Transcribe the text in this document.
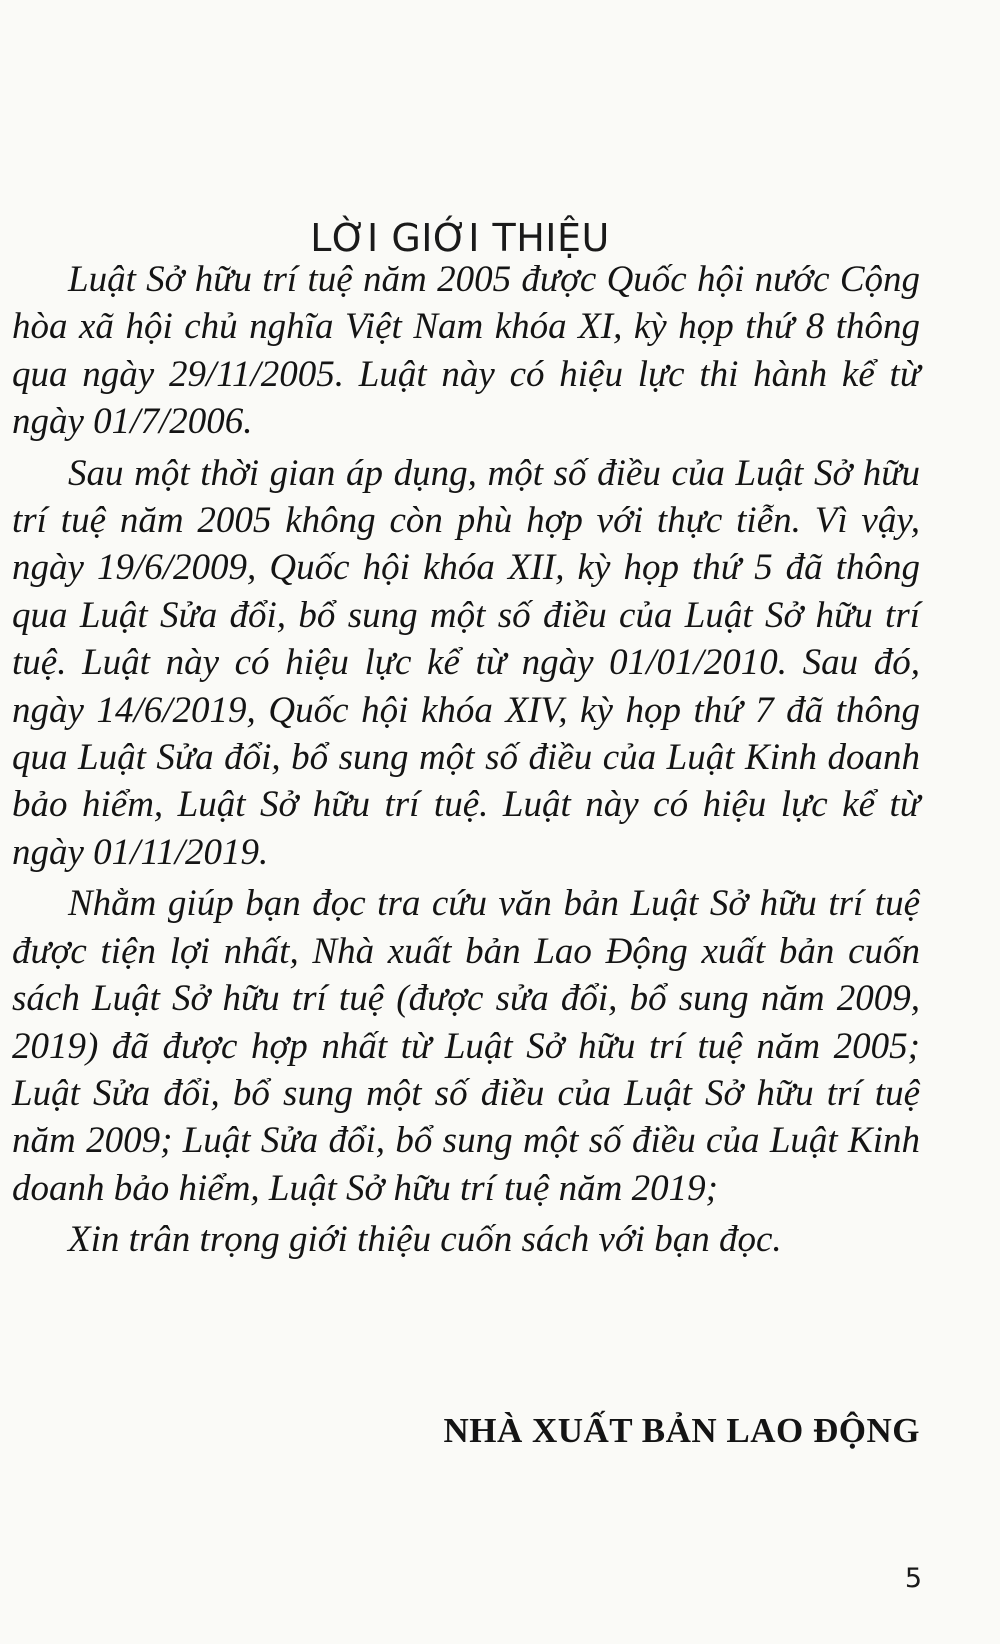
LỜI GIỚI THIỆU

Luật Sở hữu trí tuệ năm 2005 được Quốc hội nước Cộng hòa xã hội chủ nghĩa Việt Nam khóa XI, kỳ họp thứ 8 thông qua ngày 29/11/2005. Luật này có hiệu lực thi hành kể từ ngày 01/7/2006.

Sau một thời gian áp dụng, một số điều của Luật Sở hữu trí tuệ năm 2005 không còn phù hợp với thực tiễn. Vì vậy, ngày 19/6/2009, Quốc hội khóa XII, kỳ họp thứ 5 đã thông qua Luật Sửa đổi, bổ sung một số điều của Luật Sở hữu trí tuệ. Luật này có hiệu lực kể từ ngày 01/01/2010. Sau đó, ngày 14/6/2019, Quốc hội khóa XIV, kỳ họp thứ 7 đã thông qua Luật Sửa đổi, bổ sung một số điều của Luật Kinh doanh bảo hiểm, Luật Sở hữu trí tuệ. Luật này có hiệu lực kể từ ngày 01/11/2019.

Nhằm giúp bạn đọc tra cứu văn bản Luật Sở hữu trí tuệ được tiện lợi nhất, Nhà xuất bản Lao Động xuất bản cuốn sách Luật Sở hữu trí tuệ (được sửa đổi, bổ sung năm 2009, 2019) đã được hợp nhất từ Luật Sở hữu trí tuệ năm 2005; Luật Sửa đổi, bổ sung một số điều của Luật Sở hữu trí tuệ năm 2009; Luật Sửa đổi, bổ sung một số điều của Luật Kinh doanh bảo hiểm, Luật Sở hữu trí tuệ năm 2019;

Xin trân trọng giới thiệu cuốn sách với bạn đọc.

NHÀ XUẤT BẢN LAO ĐỘNG
5
